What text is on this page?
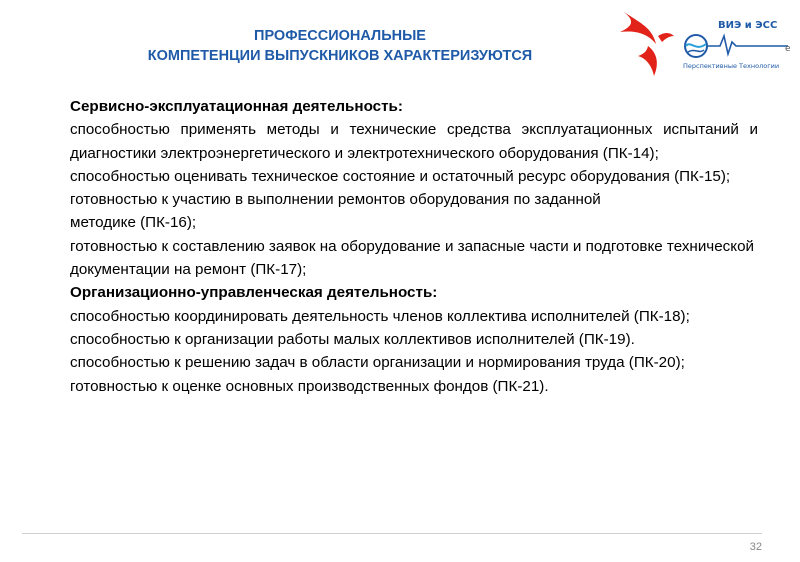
ПРОФЕССИОНАЛЬНЫЕ
КОМПЕТЕНЦИИ ВЫПУСКНИКОВ ХАРАКТЕРИЗУЮТСЯ
ВИЭ и ЭСС
Перспективные Технологии
е

Сервисно-эксплуатационная деятельность:

способностью применять методы и технические средства эксплуатационных испытаний и диагностики электроэнергетического и электротехнического оборудования (ПК-14);
способностью оценивать техническое состояние и остаточный ресурс оборудования (ПК-15);
готовностью к участию в выполнении ремонтов оборудования по заданной
методике (ПК-16);
готовностью к составлению заявок на оборудование и запасные части и подготовке технической документации на ремонт (ПК-17);

Организационно-управленческая деятельность:

способностью координировать деятельность членов коллектива исполнителей (ПК-18);
способностью к организации работы малых коллективов исполнителей (ПК-19).
способностью к решению задач в области организации и нормирования труда (ПК-20);
готовностью к оценке основных производственных фондов (ПК-21).
32
